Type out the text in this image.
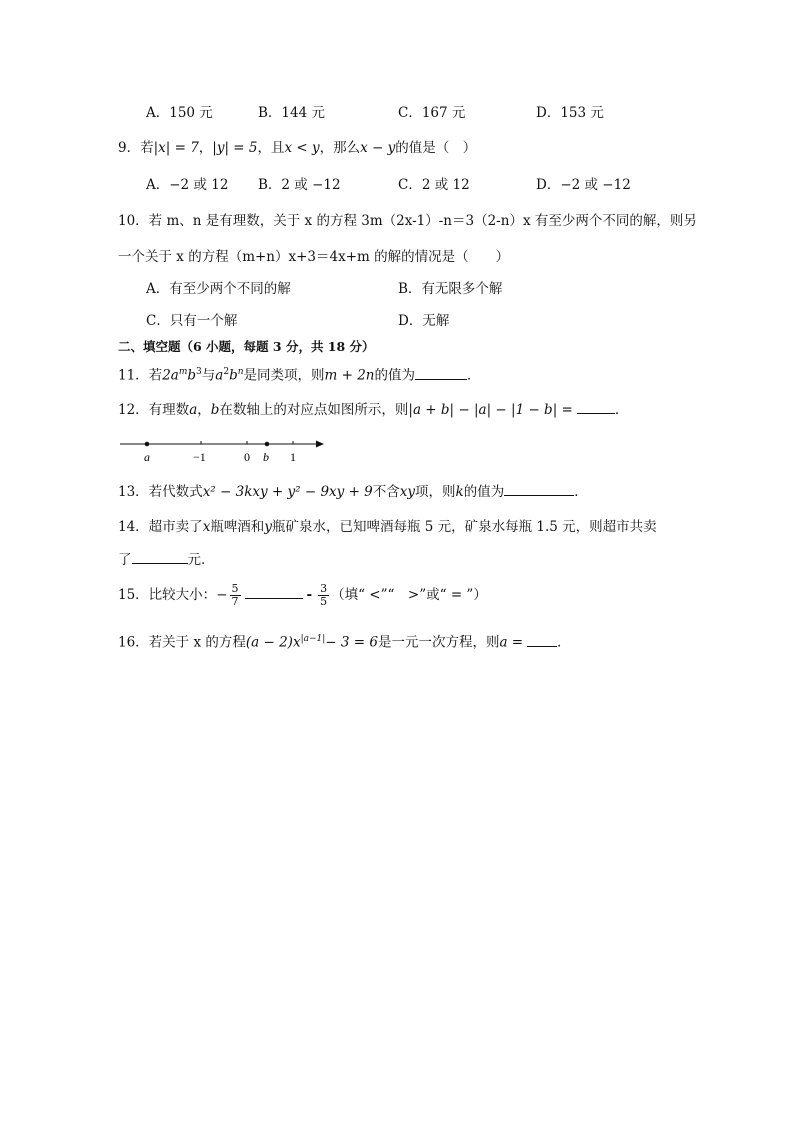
A．150 元	B．144 元	C．167 元	D．153 元
9．若|x| = 7，|y| = 5，且x < y，那么x − y的值是（　）
A．−2 或 12 B．2 或 −12	C．2 或 12	D．−2 或 −12
10．若 m、n 是有理数，关于 x 的方程 3m（2x-1）-n＝3（2-n）x 有至少两个不同的解，则另
一个关于 x 的方程（m+n）x+3＝4x+m 的解的情况是（　　）
A．有至少两个不同的解	B．有无限多个解
C．只有一个解	D．无解
二、填空题（6 小题，每题 3 分，共 18 分）
11．若$2a^mb^3$与$a^2b^n$是同类项，则m + 2n的值为	．
12．有理数a，b在数轴上的对应点如图所示，则|a + b| − |a| − |1 − b| =	．
a	−1	0 b 1
13．若代数式x² − 3kxy + y² − 9xy + 9不含xy项，则k的值为	．
14．超市卖了x瓶啤酒和y瓶矿泉水，已知啤酒每瓶 5 元，矿泉水每瓶 1.5 元，则超市共卖
了	元．
15．比较大小：− $\frac{5}{7}$	- $\frac{3}{5}$ （填“ <”“　>”或“ = ”）
16．若关于 x 的方程$(a - 2)x^{|a-1|}- 3 = 6$是一元一次方程，则a =	．
